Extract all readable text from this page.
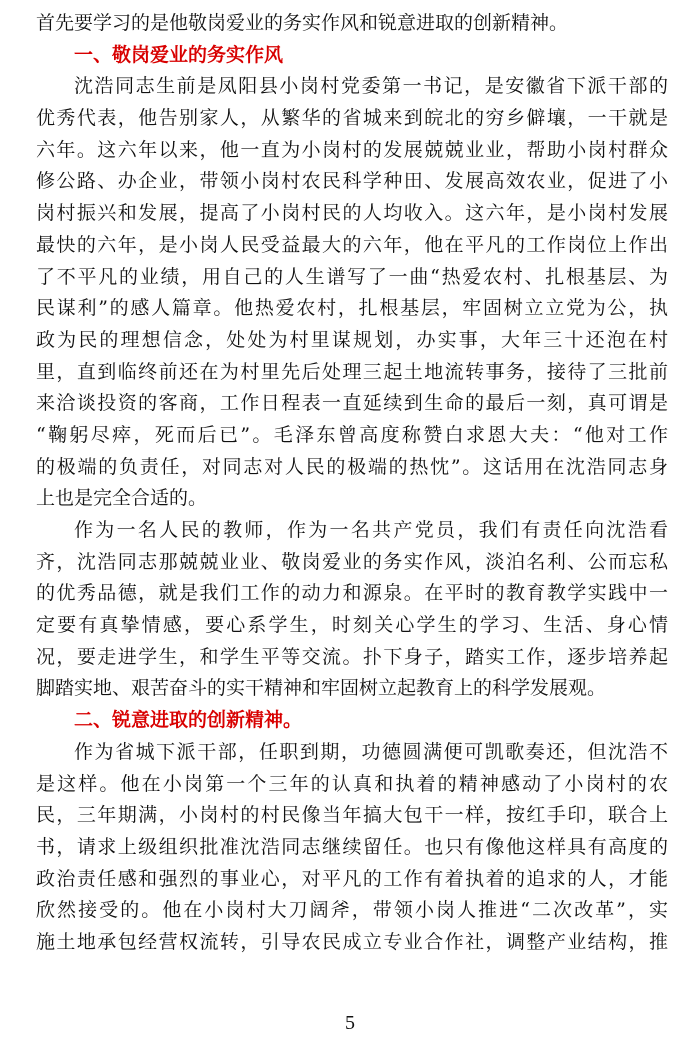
首先要学习的是他敬岗爱业的务实作风和锐意进取的创新精神。
一、敬岗爱业的务实作风
沈浩同志生前是凤阳县小岗村党委第一书记，是安徽省下派干部的
优秀代表，他告别家人，从繁华的省城来到皖北的穷乡僻壤，一干就是
六年。这六年以来，他一直为小岗村的发展兢兢业业，帮助小岗村群众
修公路、办企业，带领小岗村农民科学种田、发展高效农业，促进了小
岗村振兴和发展，提高了小岗村民的人均收入。这六年，是小岗村发展
最快的六年，是小岗人民受益最大的六年，他在平凡的工作岗位上作出
了不平凡的业绩，用自己的人生谱写了一曲“热爱农村、扎根基层、为
民谋利”的感人篇章。他热爱农村，扎根基层，牢固树立立党为公，执
政为民的理想信念，处处为村里谋规划，办实事，大年三十还泡在村
里，直到临终前还在为村里先后处理三起土地流转事务，接待了三批前
来洽谈投资的客商，工作日程表一直延续到生命的最后一刻，真可谓是
“鞠躬尽瘁，死而后已”。毛泽东曾高度称赞白求恩大夫：“他对工作
的极端的负责任，对同志对人民的极端的热忱”。这话用在沈浩同志身
上也是完全合适的。
作为一名人民的教师，作为一名共产党员，我们有责任向沈浩看
齐，沈浩同志那兢兢业业、敬岗爱业的务实作风，淡泊名利、公而忘私
的优秀品德，就是我们工作的动力和源泉。在平时的教育教学实践中一
定要有真挚情感，要心系学生，时刻关心学生的学习、生活、身心情
况，要走进学生，和学生平等交流。扑下身子，踏实工作，逐步培养起
脚踏实地、艰苦奋斗的实干精神和牢固树立起教育上的科学发展观。
二、锐意进取的创新精神。
作为省城下派干部，任职到期，功德圆满便可凯歌奏还，但沈浩不
是这样。他在小岗第一个三年的认真和执着的精神感动了小岗村的农
民，三年期满，小岗村的村民像当年搞大包干一样，按红手印，联合上
书，请求上级组织批准沈浩同志继续留任。也只有像他这样具有高度的
政治责任感和强烈的事业心，对平凡的工作有着执着的追求的人，才能
欣然接受的。他在小岗村大刀阔斧，带领小岗人推进“二次改革”，实
施土地承包经营权流转，引导农民成立专业合作社，调整产业结构，推
5
